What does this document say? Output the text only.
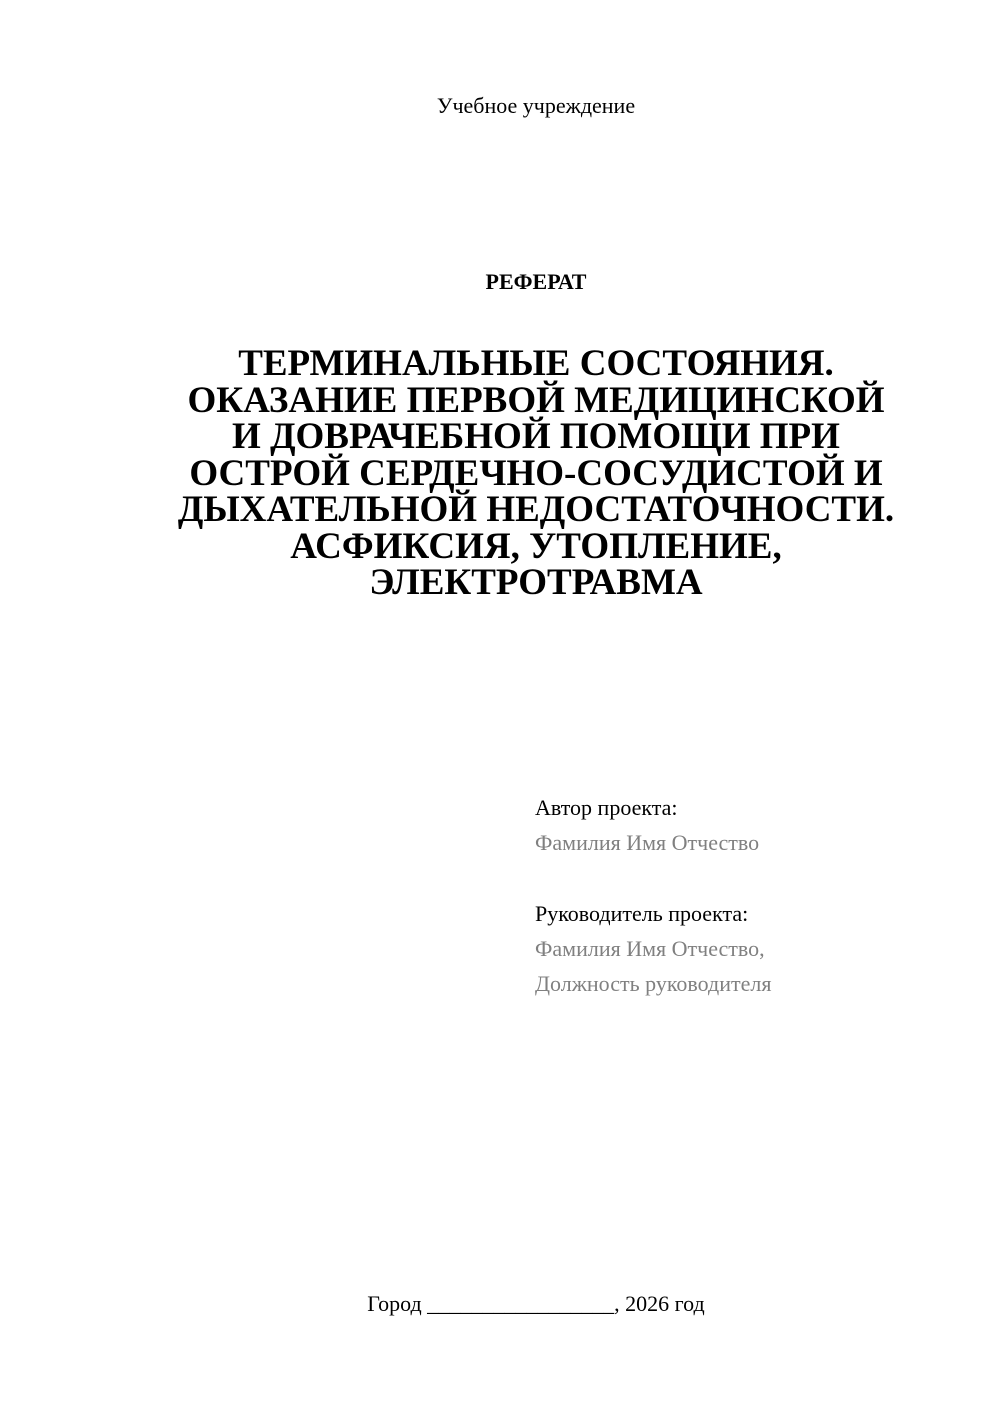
Учебное учреждение
РЕФЕРАТ
ТЕРМИНАЛЬНЫЕ СОСТОЯНИЯ.
ОКАЗАНИЕ ПЕРВОЙ МЕДИЦИНСКОЙ
И ДОВРАЧЕБНОЙ ПОМОЩИ ПРИ
ОСТРОЙ СЕРДЕЧНО-СОСУДИСТОЙ И
ДЫХАТЕЛЬНОЙ НЕДОСТАТОЧНОСТИ.
АСФИКСИЯ, УТОПЛЕНИЕ,
ЭЛЕКТРОТРАВМА
Автор проекта:
Фамилия Имя Отчество
Руководитель проекта:
Фамилия Имя Отчество,
Должность руководителя
Город _________________, 2026 год
